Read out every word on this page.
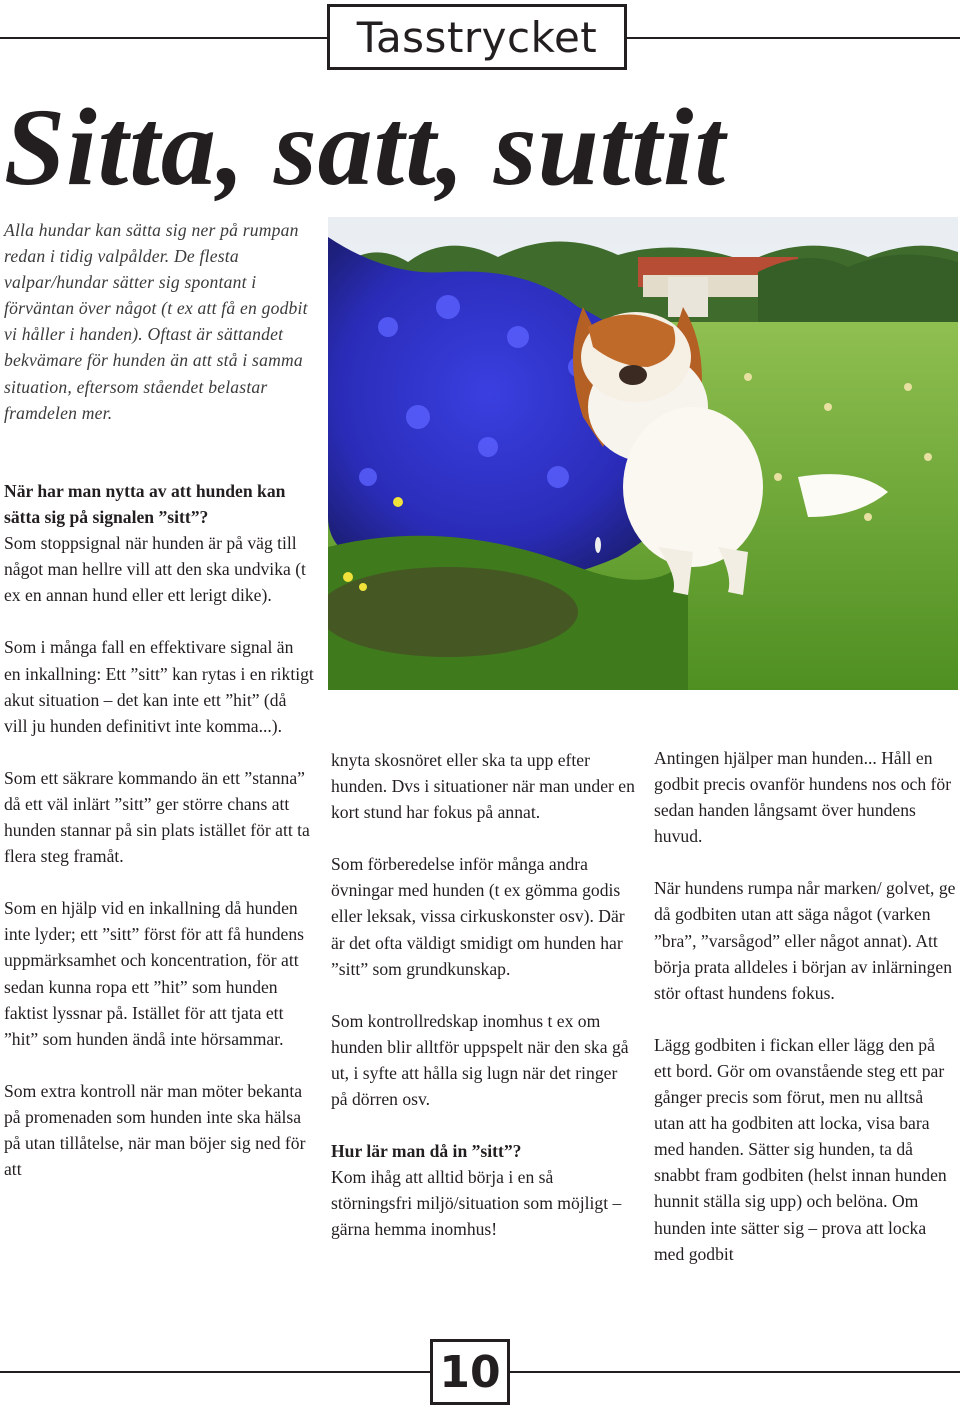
Tasstrycket
Sitta, satt, suttit

Alla hundar kan sätta sig ner på rumpan redan i tidig valpålder. De flesta valpar/hundar sätter sig spontant i förväntan över något (t ex att få en godbit vi håller i handen). Oftast är sättandet bekvämare för hunden än att stå i samma situation, eftersom ståendet belastar framdelen mer.

När har man nytta av att hunden kan sätta sig på signalen ”sitt”?
Som stoppsignal när hunden är på väg till något man hellre vill att den ska undvika (t ex en annan hund eller ett lerigt dike).

Som i många fall en effektivare signal än en inkallning: Ett ”sitt” kan rytas i en riktigt akut situation – det kan inte ett ”hit” (då vill ju hunden definitivt inte komma...).

Som ett säkrare kommando än ett ”stanna” då ett väl inlärt ”sitt” ger större chans att hunden stannar på sin plats istället för att ta flera steg framåt.

Som en hjälp vid en inkallning då hunden inte lyder; ett ”sitt” först för att få hundens uppmärksamhet och koncentration, för att sedan kunna ropa ett ”hit” som hunden faktist lyssnar på. Istället för att tjata ett ”hit” som hunden ändå inte hörsammar.

Som extra kontroll när man möter bekanta på promenaden som hunden inte ska hälsa på utan tillåtelse, när man böjer sig ned för att

knyta skosnöret eller ska ta upp efter hunden. Dvs i situationer när man under en kort stund har fokus på annat.

Som förberedelse inför många andra övningar med hunden (t ex gömma godis eller leksak, vissa cirkuskonster osv). Där är det ofta väldigt smidigt om hunden har ”sitt” som grundkunskap.

Som kontrollredskap inomhus t ex om hunden blir alltför uppspelt när den ska gå ut, i syfte att hålla sig lugn när det ringer på dörren osv.

Hur lär man då in ”sitt”?
Kom ihåg att alltid börja i en så störningsfri miljö/situation som möjligt – gärna hemma inomhus!

Antingen hjälper man hunden... Håll en godbit precis ovanför hundens nos och för sedan handen långsamt över hundens huvud.

När hundens rumpa når marken/ golvet, ge då godbiten utan att säga något (varken ”bra”, ”varsågod” eller något annat). Att börja prata alldeles i början av inlärningen stör oftast hundens fokus.

Lägg godbiten i fickan eller lägg den på ett bord. Gör om ovanstående steg ett par gånger precis som förut, men nu alltså utan att ha godbiten att locka, visa bara med handen. Sätter sig hunden, ta då snabbt fram godbiten (helst innan hunden hunnit ställa sig upp) och belöna. Om hunden inte sätter sig – prova att locka med godbit

10
